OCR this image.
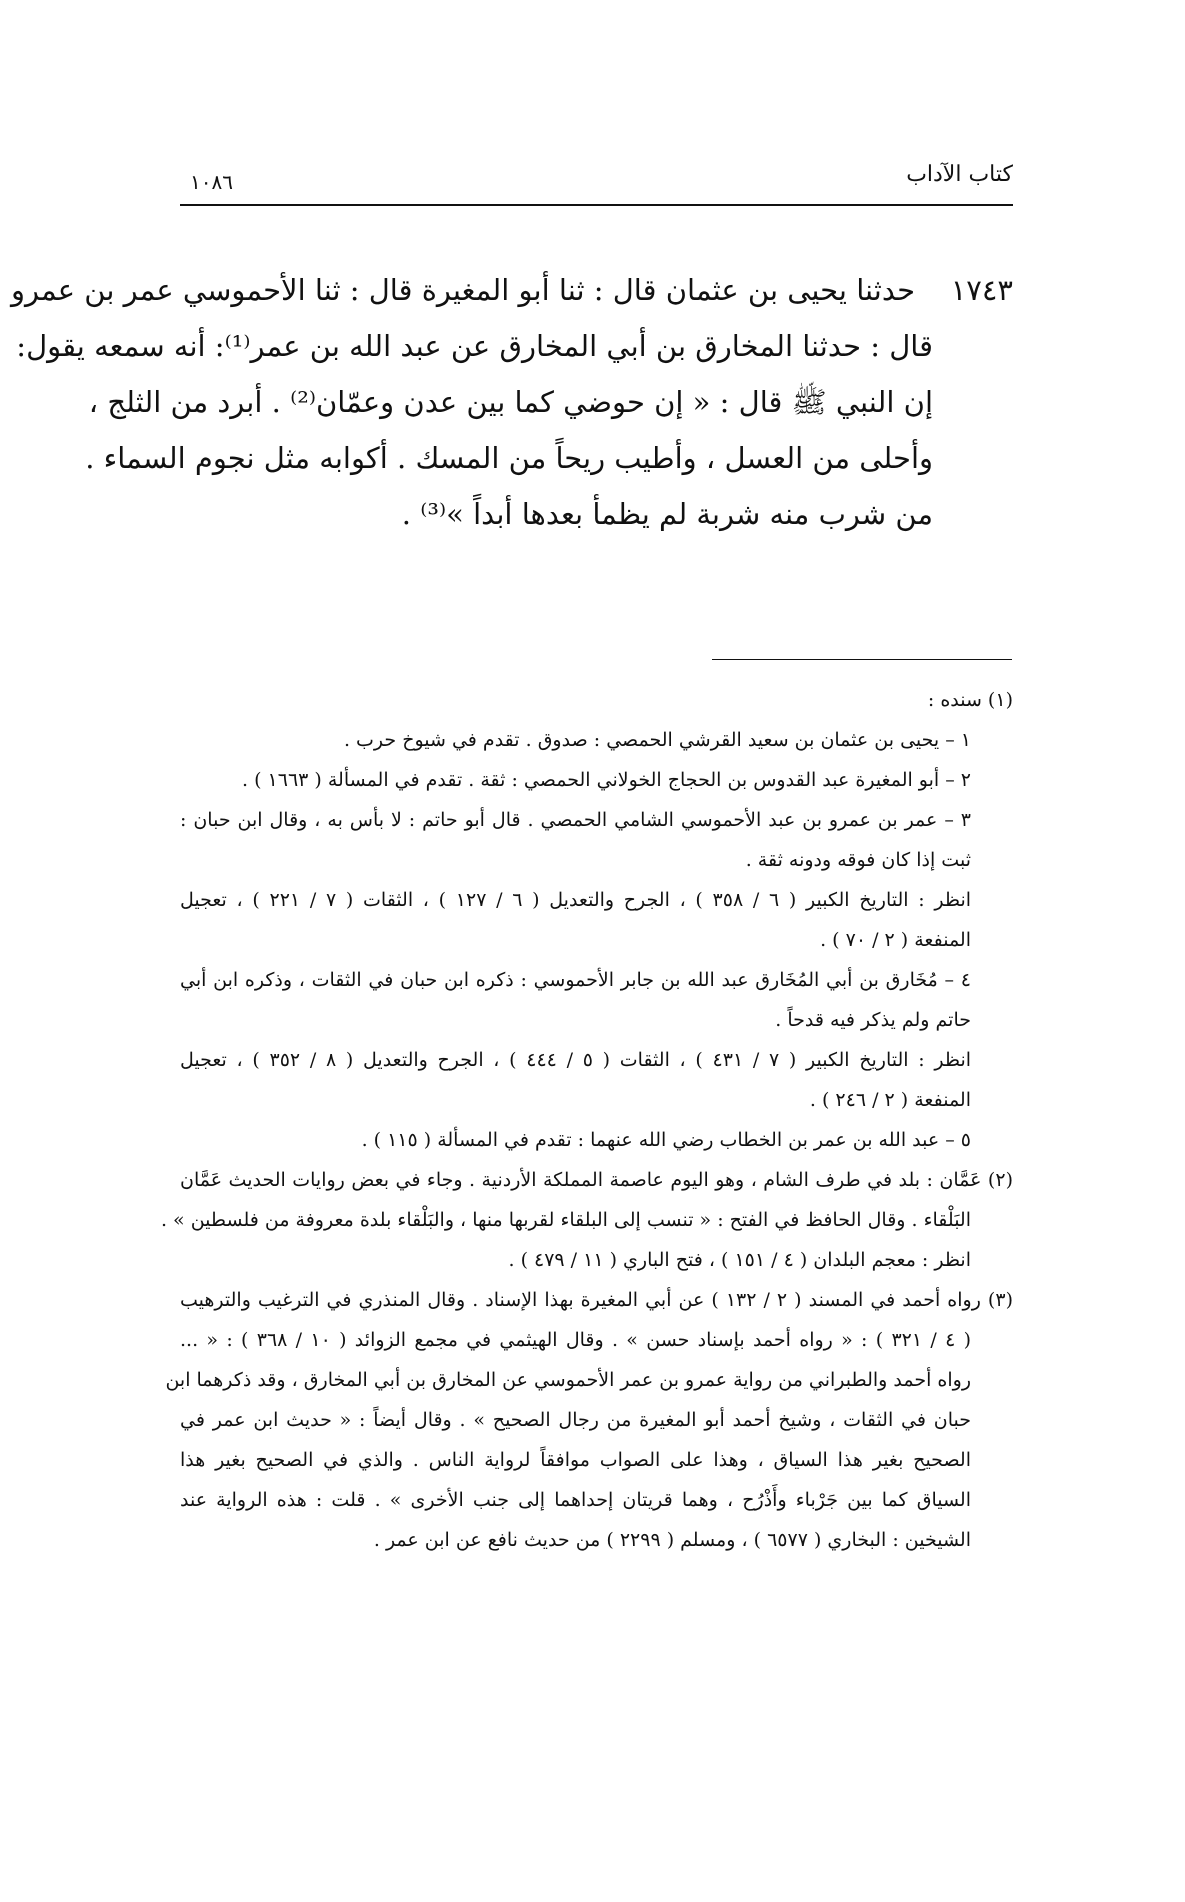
كتاب الآداب
١٠٨٦
١٧٤٣
حدثنا يحيى بن عثمان قال : ثنا أبو المغيرة قال : ثنا الأحموسي عمر بن عمرو
قال : حدثنا المخارق بن أبي المخارق عن عبد الله بن عمر⁽¹⁾: أنه سمعه يقول:
إن النبي ﷺ قال : « إن حوضي كما بين عدن وعمّان⁽²⁾ . أبرد من الثلج ،
وأحلى من العسل ، وأطيب ريحاً من المسك . أكوابه مثل نجوم السماء .
من شرب منه شربة لم يظمأ بعدها أبداً »⁽³⁾ .
(١) سنده :
١ – يحيى بن عثمان بن سعيد القرشي الحمصي : صدوق . تقدم في شيوخ حرب .
٢ – أبو المغيرة عبد القدوس بن الحجاج الخولاني الحمصي : ثقة . تقدم في المسألة ( ١٦٦٣ ) .
٣ – عمر بن عمرو بن عبد الأحموسي الشامي الحمصي . قال أبو حاتم : لا بأس به ، وقال ابن حبان :
ثبت إذا كان فوقه ودونه ثقة .
انظر : التاريخ الكبير ( ٦ / ٣٥٨ ) ، الجرح والتعديل ( ٦ / ١٢٧ ) ، الثقات ( ٧ / ٢٢١ ) ، تعجيل
المنفعة ( ٢ / ٧٠ ) .
٤ – مُخَارق بن أبي المُخَارق عبد الله بن جابر الأحموسي : ذكره ابن حبان في الثقات ، وذكره ابن أبي
حاتم ولم يذكر فيه قدحاً .
انظر : التاريخ الكبير ( ٧ / ٤٣١ ) ، الثقات ( ٥ / ٤٤٤ ) ، الجرح والتعديل ( ٨ / ٣٥٢ ) ، تعجيل
المنفعة ( ٢ / ٢٤٦ ) .
٥ – عبد الله بن عمر بن الخطاب رضي الله عنهما : تقدم في المسألة ( ١١٥ ) .
(٢) عَمَّان : بلد في طرف الشام ، وهو اليوم عاصمة المملكة الأردنية . وجاء في بعض روايات الحديث عَمَّان
البَلْقاء . وقال الحافظ في الفتح : « تنسب إلى البلقاء لقربها منها ، والبَلْقاء بلدة معروفة من فلسطين » .
انظر : معجم البلدان ( ٤ / ١٥١ ) ، فتح الباري ( ١١ / ٤٧٩ ) .
(٣) رواه أحمد في المسند ( ٢ / ١٣٢ ) عن أبي المغيرة بهذا الإسناد . وقال المنذري في الترغيب والترهيب
( ٤ / ٣٢١ ) : « رواه أحمد بإسناد حسن » . وقال الهيثمي في مجمع الزوائد ( ١٠ / ٣٦٨ ) : « ...
رواه أحمد والطبراني من رواية عمرو بن عمر الأحموسي عن المخارق بن أبي المخارق ، وقد ذكرهما ابن
حبان في الثقات ، وشيخ أحمد أبو المغيرة من رجال الصحيح » . وقال أيضاً : « حديث ابن عمر في
الصحيح بغير هذا السياق ، وهذا على الصواب موافقاً لرواية الناس . والذي في الصحيح بغير هذا
السياق كما بين جَرْباء وأَذْرُح ، وهما قريتان إحداهما إلى جنب الأخرى » . قلت : هذه الرواية عند
الشيخين : البخاري ( ٦٥٧٧ ) ، ومسلم ( ٢٢٩٩ ) من حديث نافع عن ابن عمر .
